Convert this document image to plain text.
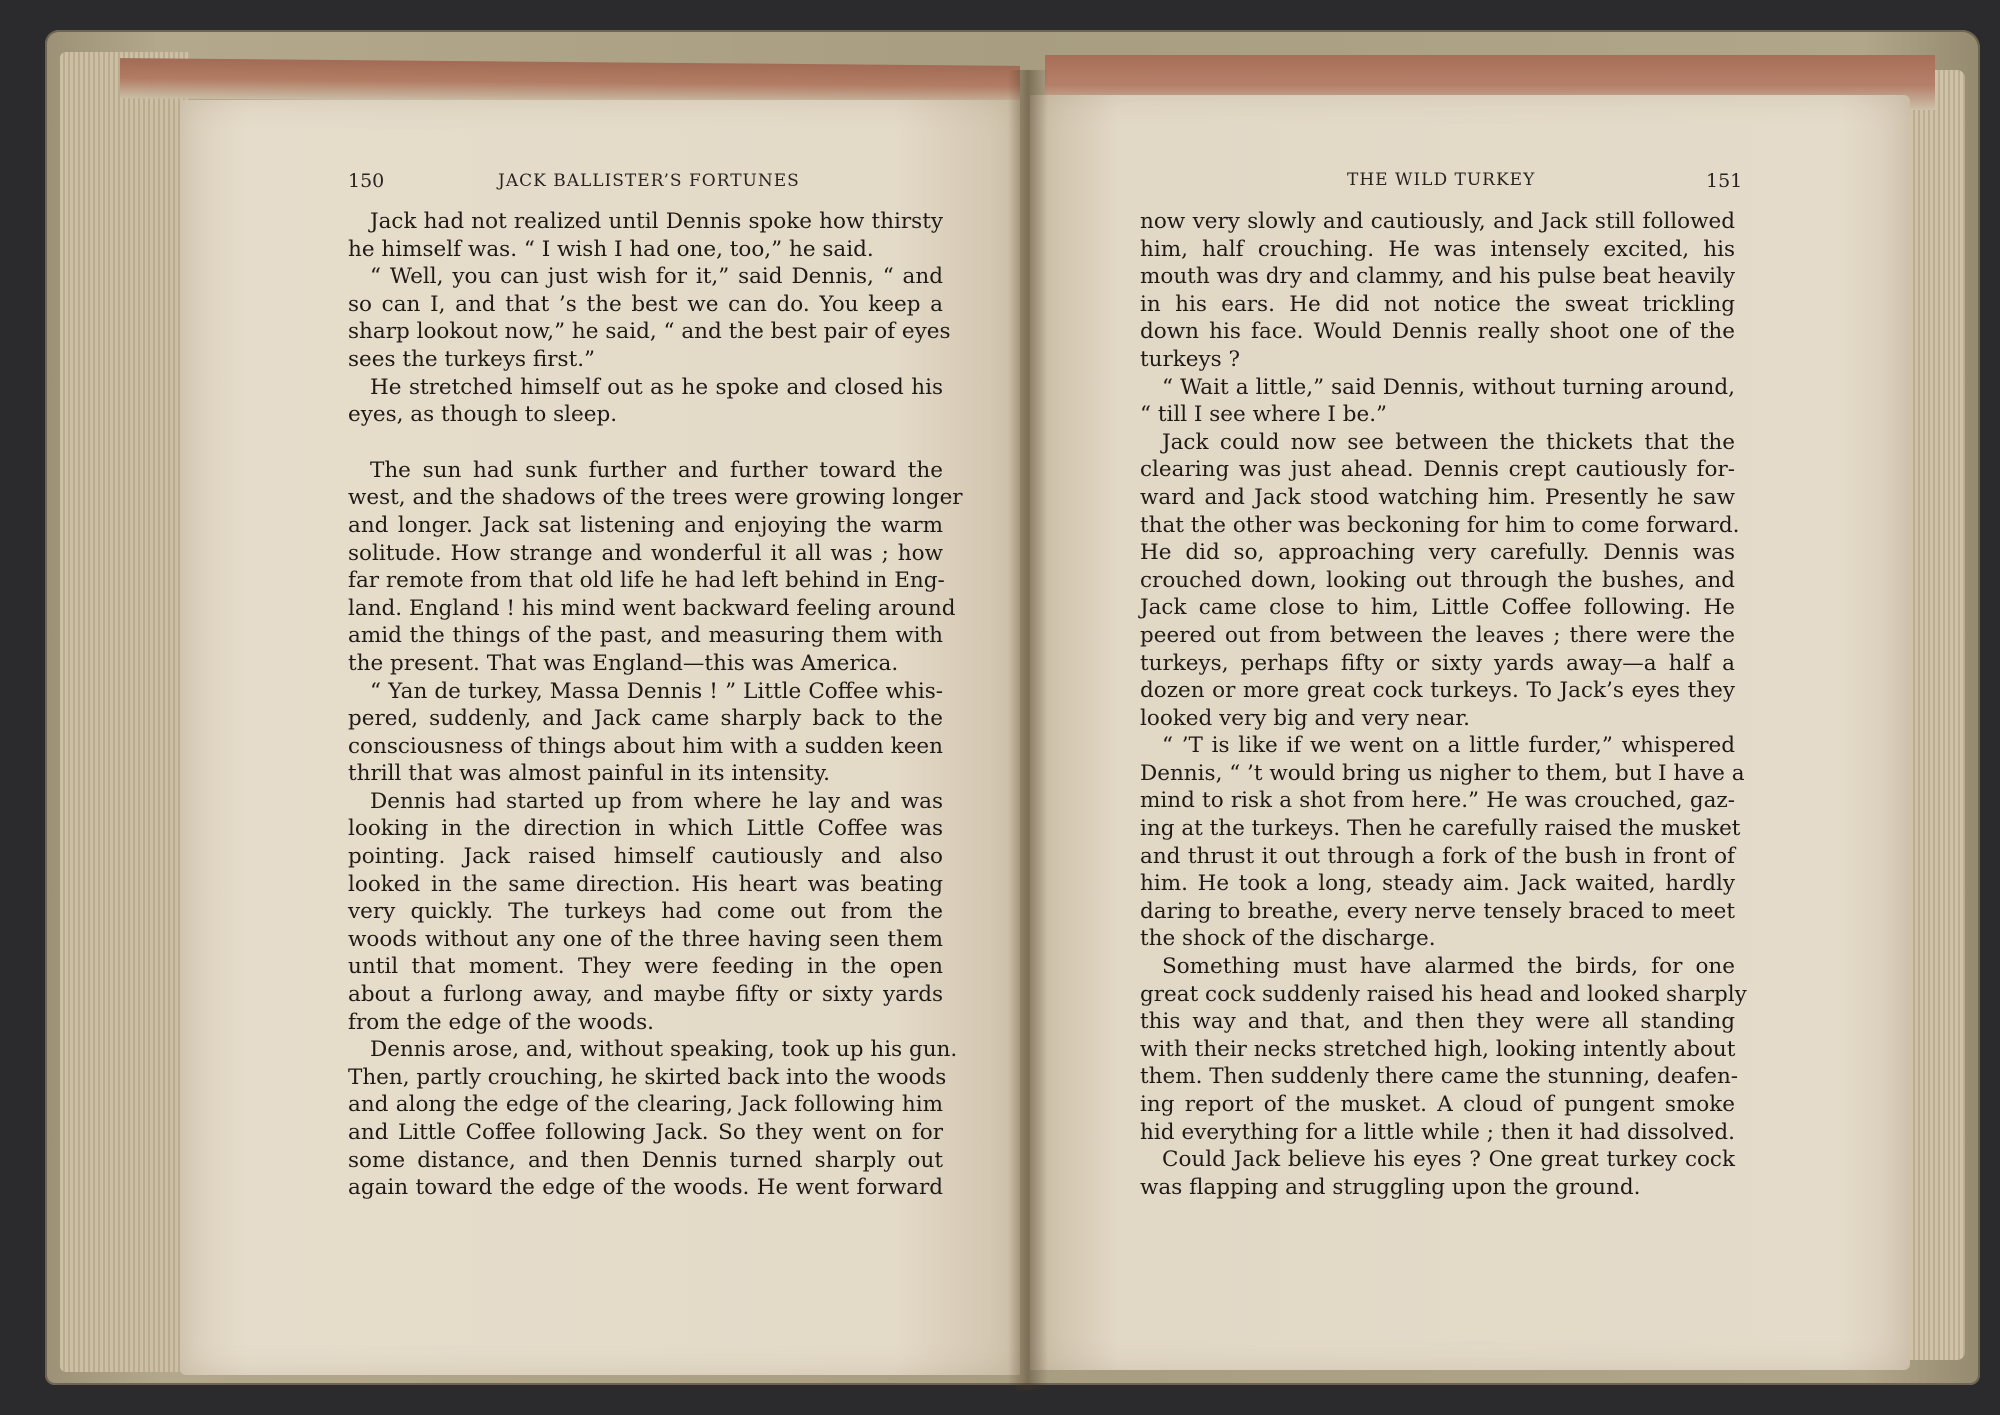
150	JACK BALLISTER’S FORTUNES	THE WILD TURKEY	151
Jack had not realized until Dennis spoke how thirsty
he himself was. “ I wish I had one, too,” he said.
“ Well, you can just wish for it,” said Dennis, “ and
so can I, and that ’s the best we can do. You keep a
sharp lookout now,” he said, “ and the best pair of eyes
sees the turkeys first.”
He stretched himself out as he spoke and closed his
eyes, as though to sleep.
The sun had sunk further and further toward the
west, and the shadows of the trees were growing longer
and longer. Jack sat listening and enjoying the warm
solitude. How strange and wonderful it all was ; how
far remote from that old life he had left behind in Eng-
land. England ! his mind went backward feeling around
amid the things of the past, and measuring them with
the present. That was England—this was America.
“ Yan de turkey, Massa Dennis ! ” Little Coffee whis-
pered, suddenly, and Jack came sharply back to the
consciousness of things about him with a sudden keen
thrill that was almost painful in its intensity.
Dennis had started up from where he lay and was
looking in the direction in which Little Coffee was
pointing. Jack raised himself cautiously and also
looked in the same direction. His heart was beating
very quickly. The turkeys had come out from the
woods without any one of the three having seen them
until that moment. They were feeding in the open
about a furlong away, and maybe fifty or sixty yards
from the edge of the woods.
Dennis arose, and, without speaking, took up his gun.
Then, partly crouching, he skirted back into the woods
and along the edge of the clearing, Jack following him
and Little Coffee following Jack. So they went on for
some distance, and then Dennis turned sharply out
again toward the edge of the woods. He went forward
now very slowly and cautiously, and Jack still followed
him, half crouching. He was intensely excited, his
mouth was dry and clammy, and his pulse beat heavily
in his ears. He did not notice the sweat trickling
down his face. Would Dennis really shoot one of the
turkeys ?
“ Wait a little,” said Dennis, without turning around,
“ till I see where I be.”
Jack could now see between the thickets that the
clearing was just ahead. Dennis crept cautiously for-
ward and Jack stood watching him. Presently he saw
that the other was beckoning for him to come forward.
He did so, approaching very carefully. Dennis was
crouched down, looking out through the bushes, and
Jack came close to him, Little Coffee following. He
peered out from between the leaves ; there were the
turkeys, perhaps fifty or sixty yards away—a half a
dozen or more great cock turkeys. To Jack’s eyes they
looked very big and very near.
“ ’T is like if we went on a little furder,” whispered
Dennis, “ ’t would bring us nigher to them, but I have a
mind to risk a shot from here.” He was crouched, gaz-
ing at the turkeys. Then he carefully raised the musket
and thrust it out through a fork of the bush in front of
him. He took a long, steady aim. Jack waited, hardly
daring to breathe, every nerve tensely braced to meet
the shock of the discharge.
Something must have alarmed the birds, for one
great cock suddenly raised his head and looked sharply
this way and that, and then they were all standing
with their necks stretched high, looking intently about
them. Then suddenly there came the stunning, deafen-
ing report of the musket. A cloud of pungent smoke
hid everything for a little while ; then it had dissolved.
Could Jack believe his eyes ? One great turkey cock
was flapping and struggling upon the ground.
